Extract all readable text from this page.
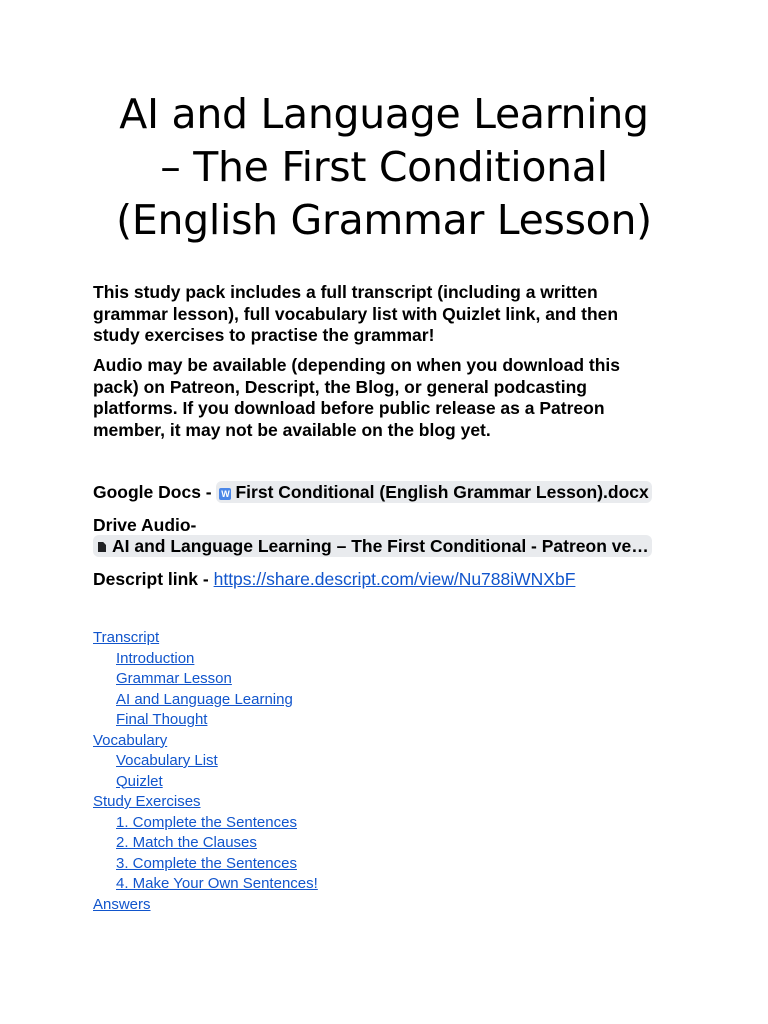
AI and Language Learning
– The First Conditional
(English Grammar Lesson)

This study pack includes a full transcript (including a written
grammar lesson), full vocabulary list with Quizlet link, and then
study exercises to practise the grammar!

Audio may be available (depending on when you download this
pack) on Patreon, Descript, the Blog, or general podcasting
platforms. If you download before public release as a Patreon
member, it may not be available on the blog yet.

Google Docs - W First Conditional (English Grammar Lesson).docx
Drive Audio-
AI and Language Learning – The First Conditional - Patreon ve…
Descript link - https://share.descript.com/view/Nu788iWNXbF
Transcript
Introduction
Grammar Lesson
AI and Language Learning
Final Thought
Vocabulary
Vocabulary List
Quizlet
Study Exercises
1. Complete the Sentences
2. Match the Clauses
3. Complete the Sentences
4. Make Your Own Sentences!
Answers
